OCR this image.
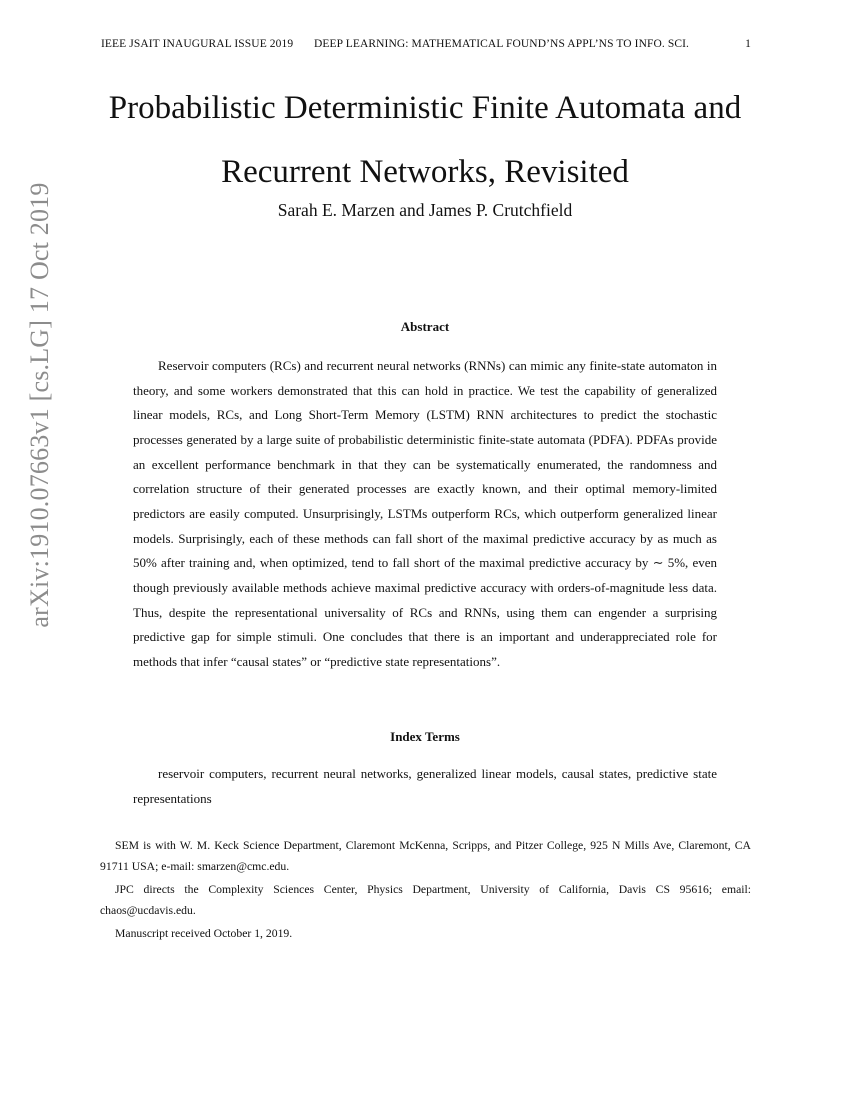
IEEE JSAIT INAUGURAL ISSUE 2019 DEEP LEARNING: MATHEMATICAL FOUND’NS APPL’NS TO INFO. SCI.	1
Probabilistic Deterministic Finite Automata and
Recurrent Networks, Revisited
Sarah E. Marzen and James P. Crutchfield
arXiv:1910.07663v1 [cs.LG] 17 Oct 2019	Abstract

Reservoir computers (RCs) and recurrent neural networks (RNNs) can mimic any finite-state automaton in theory, and some workers demonstrated that this can hold in practice. We test the capability of generalized linear models, RCs, and Long Short-Term Memory (LSTM) RNN architectures to predict the stochastic processes generated by a large suite of probabilistic deterministic finite-state automata (PDFA). PDFAs provide an excellent performance benchmark in that they can be systematically enumerated, the randomness and correlation structure of their generated processes are exactly known, and their optimal memory-limited predictors are easily computed. Unsurprisingly, LSTMs outperform RCs, which outperform generalized linear models. Surprisingly, each of these methods can fall short of the maximal predictive accuracy by as much as 50% after training and, when optimized, tend to fall short of the maximal predictive accuracy by ∼ 5%, even though previously available methods achieve maximal predictive accuracy with orders-of-magnitude less data. Thus, despite the representational universality of RCs and RNNs, using them can engender a surprising predictive gap for simple stimuli. One concludes that there is an important and underappreciated role for methods that infer “causal states” or “predictive state representations”.

Index Terms

reservoir computers, recurrent neural networks, generalized linear models, causal states, predictive state representations

SEM is with W. M. Keck Science Department, Claremont McKenna, Scripps, and Pitzer College, 925 N Mills Ave, Claremont, CA 91711 USA; e-mail: smarzen@cmc.edu.

JPC directs the Complexity Sciences Center, Physics Department, University of California, Davis CS 95616; email: chaos@ucdavis.edu.

Manuscript received October 1, 2019.
